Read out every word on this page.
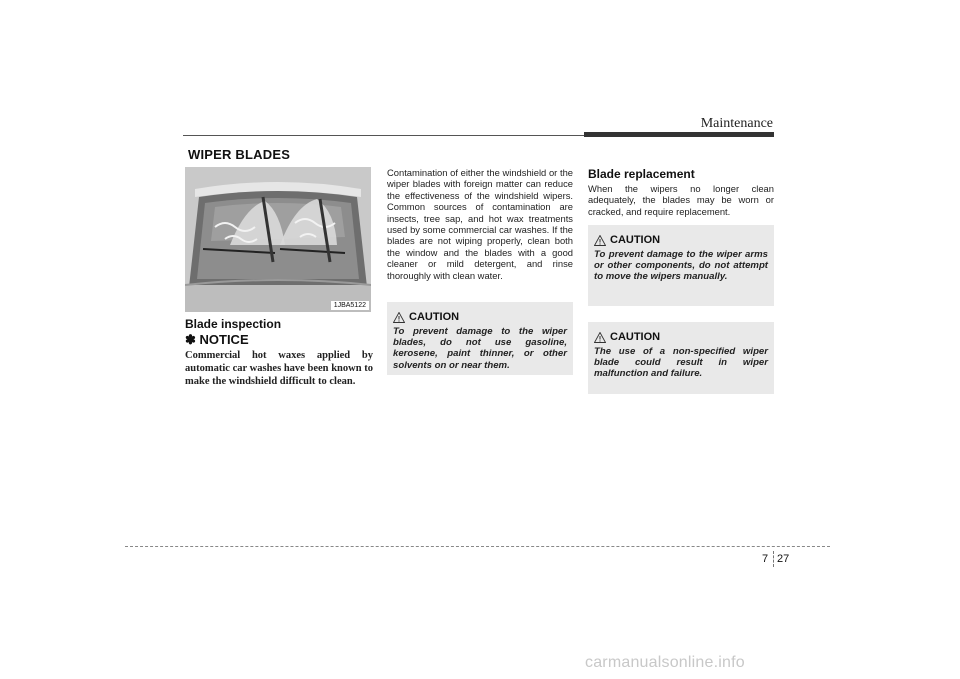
Maintenance
WIPER BLADES
1JBA5122
Blade inspection
✽ NOTICE
Commercial hot waxes applied by automatic car washes have been known to make the windshield difficult to clean.
Contamination of either the windshield or the wiper blades with foreign matter can reduce the effectiveness of the windshield wipers. Common sources of contamination are insects, tree sap, and hot wax treatments used by some commercial car washes. If the blades are not wiping properly, clean both the window and the blades with a good cleaner or mild detergent, and rinse thoroughly with clean water.
CAUTION
To prevent damage to the wiper blades, do not use gasoline, kerosene, paint thinner, or other solvents on or near them.
Blade replacement
When the wipers no longer clean adequately, the blades may be worn or cracked, and require replacement.
CAUTION
To prevent damage to the wiper arms or other components, do not attempt to move the wipers manually.
CAUTION
The use of a non-specified wiper blade could result in wiper malfunction and failure.
7 27
carmanualsonline.info
